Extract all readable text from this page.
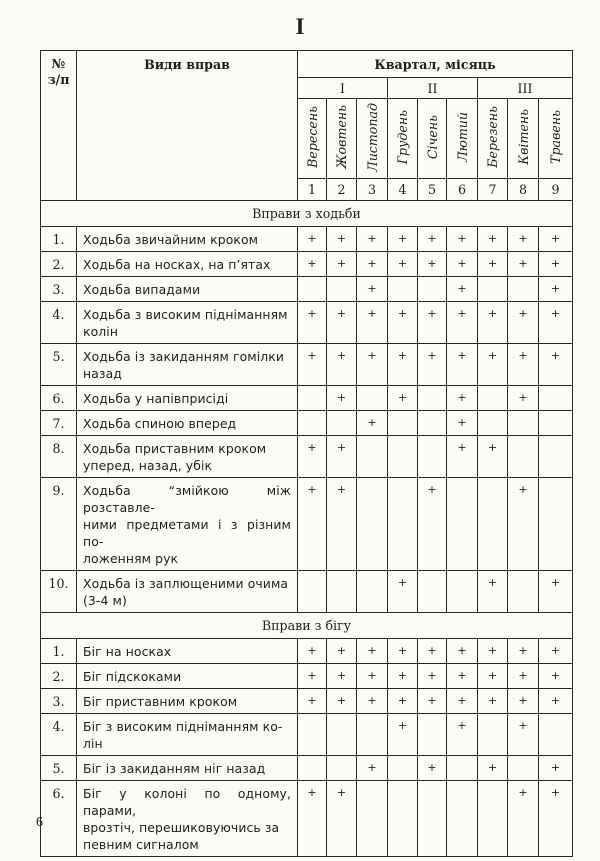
I
№
з/п	Види вправ	Квартал, місяць								
		I			II			III		
		Вересень	Жовтень	Листопад	Грудень	Січень	Лютий	Березень	Квітень	Травень
		1	2	3	4	5	6	7	8	9
Вправи з ходьби										
1.	Ходьба звичайним кроком	+	+	+	+	+	+	+	+	+
2.	Ходьба на носках, на п’ятах	+	+	+	+	+	+	+	+	+
3.	Ходьба випадами			+			+			+
4.	Ходьба з високим підніманням
колін	+	+	+	+	+	+	+	+	+
5.	Ходьба із закиданням гомілки
назад	+	+	+	+	+	+	+	+	+
6.	Ходьба у напівприсіді		+		+		+		+	
7.	Ходьба спиною вперед			+			+			
8.	Ходьба приставним кроком
уперед, назад, убік	+	+				+	+		
9.	Ходьба “змійкою між розставле-
ними предметами і з різним по-
ложенням рук	+	+			+			+	
10.	Ходьба із заплющеними очима
(3-4 м)				+			+		+
Вправи з бігу										
1.	Біг на носках	+	+	+	+	+	+	+	+	+
2.	Біг підскоками	+	+	+	+	+	+	+	+	+
3.	Біг приставним кроком	+	+	+	+	+	+	+	+	+
4.	Біг з високим підніманням ко-
лін				+		+		+	
5.	Біг із закиданням ніг назад			+		+		+		+
6.	Біг у колоні по одному, парами,
врозтіч, перешиковуючись за
певним сигналом	+	+						+	+
6
